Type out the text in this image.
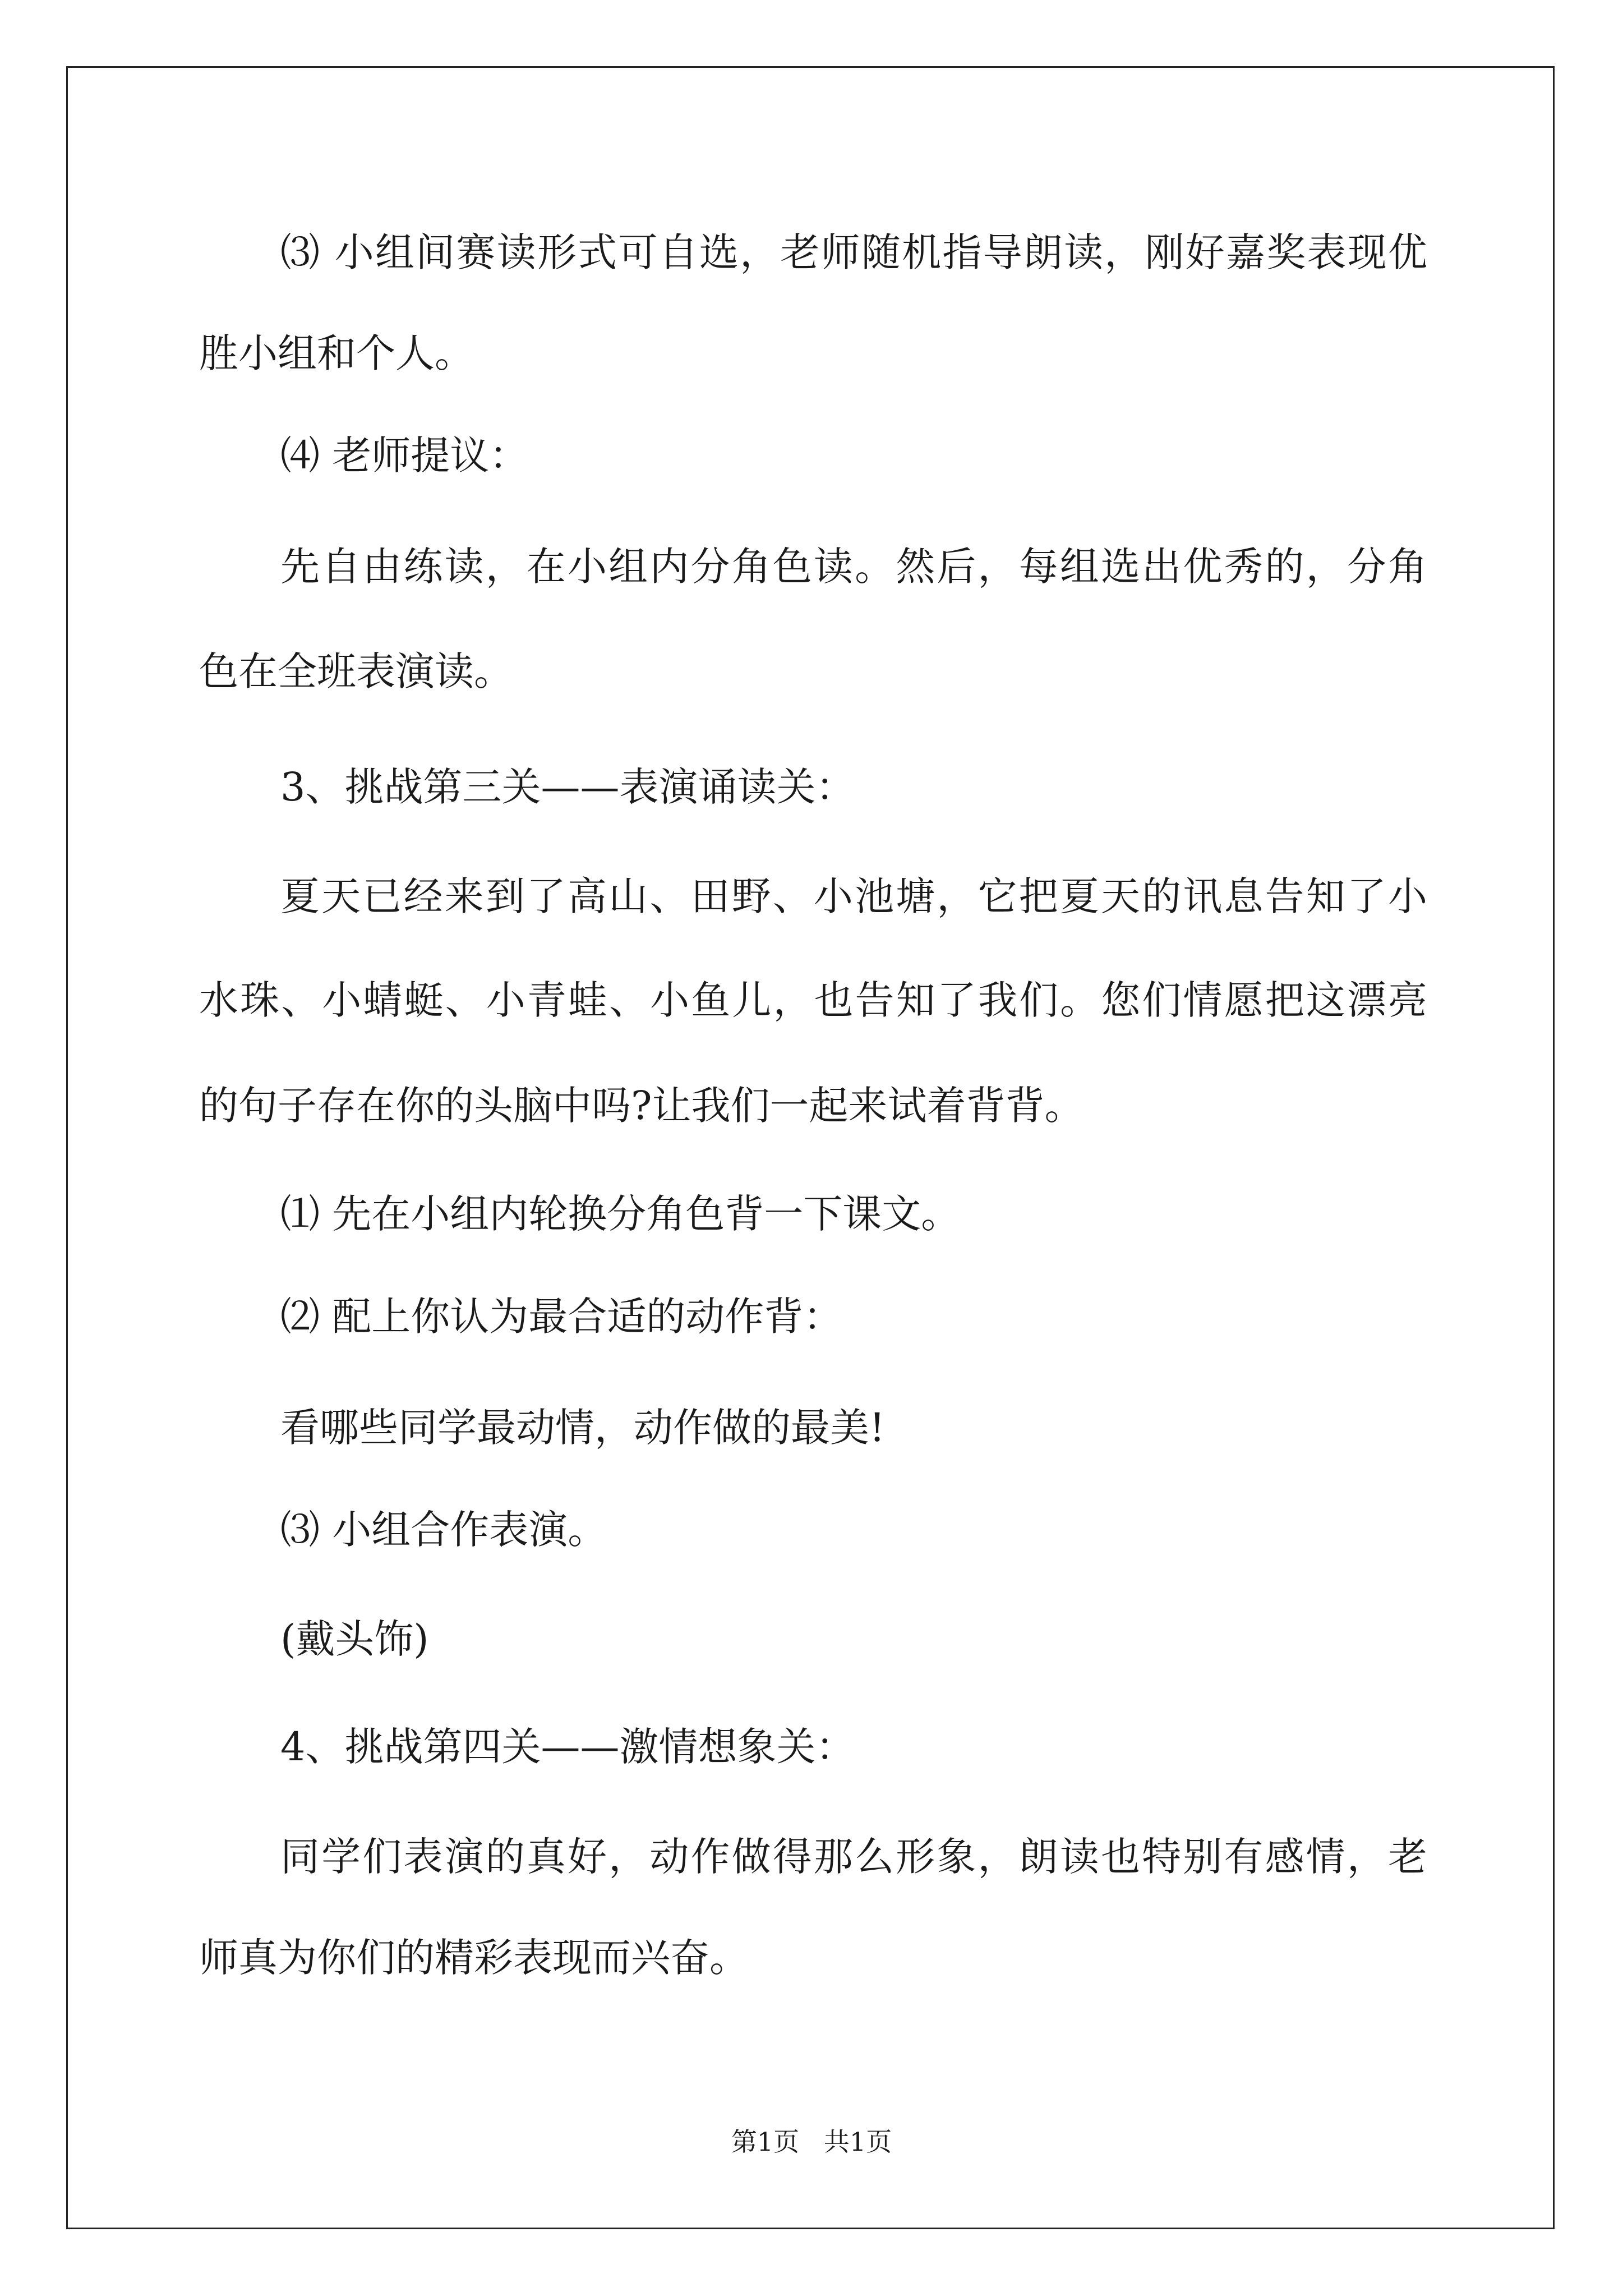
⑶ 小组间赛读形式可自选，老师随机指导朗读，刚好嘉奖表现优
胜小组和个人。
⑷ 老师提议：
先自由练读，在小组内分角色读。然后，每组选出优秀的，分角
色在全班表演读。
3、挑战第三关——表演诵读关：
夏天已经来到了高山、田野、小池塘，它把夏天的讯息告知了小
水珠、小蜻蜓、小青蛙、小鱼儿，也告知了我们。您们情愿把这漂亮
的句子存在你的头脑中吗?让我们一起来试着背背。
⑴ 先在小组内轮换分角色背一下课文。
⑵ 配上你认为最合适的动作背：
看哪些同学最动情，动作做的最美!
⑶ 小组合作表演。
(戴头饰)
4、挑战第四关——激情想象关：
同学们表演的真好，动作做得那么形象，朗读也特别有感情，老
师真为你们的精彩表现而兴奋。
第1页   共1页
